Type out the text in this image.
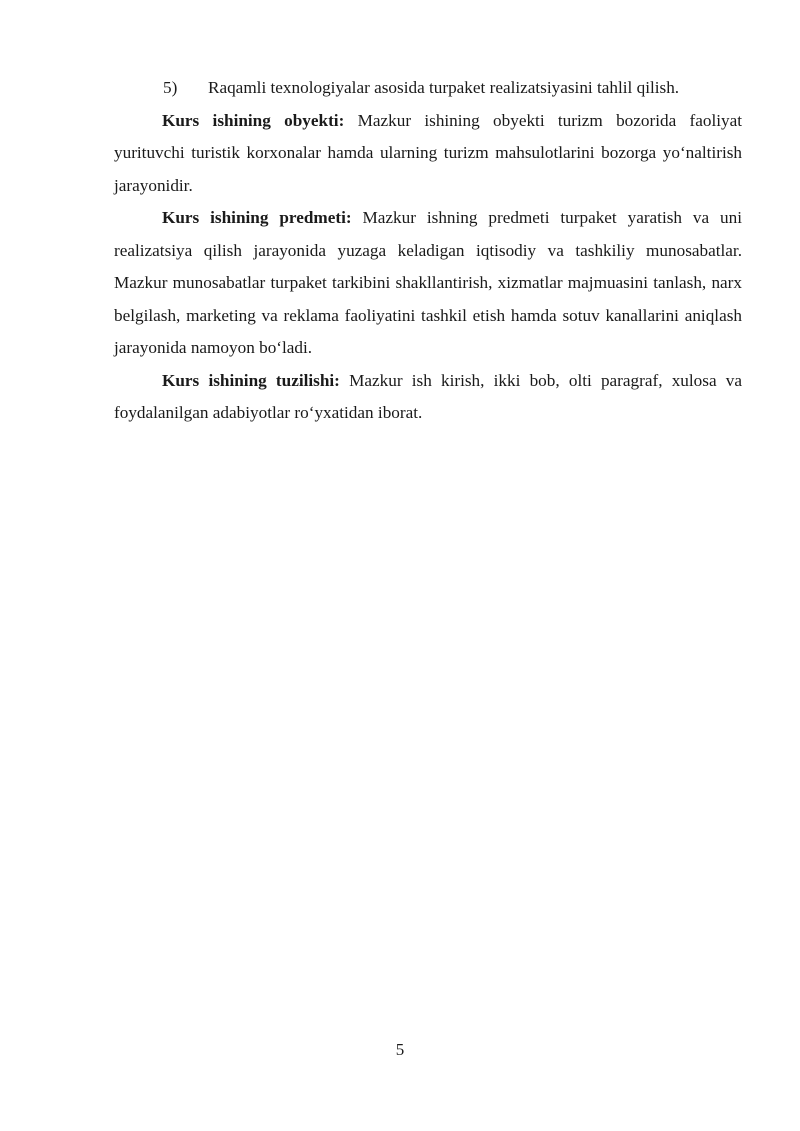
5) Raqamli texnologiyalar asosida turpaket realizatsiyasini tahlil qilish.

Kurs ishining obyekti: Mazkur ishining obyekti turizm bozorida faoliyat yurituvchi turistik korxonalar hamda ularning turizm mahsulotlarini bozorga yo‘naltirish jarayonidir.

Kurs ishining predmeti: Mazkur ishning predmeti turpaket yaratish va uni realizatsiya qilish jarayonida yuzaga keladigan iqtisodiy va tashkiliy munosabatlar. Mazkur munosabatlar turpaket tarkibini shakllantirish, xizmatlar majmuasini tanlash, narx belgilash, marketing va reklama faoliyatini tashkil etish hamda sotuv kanallarini aniqlash jarayonida namoyon bo‘ladi.

Kurs ishining tuzilishi: Mazkur ish kirish, ikki bob, olti paragraf, xulosa va foydalanilgan adabiyotlar ro‘yxatidan iborat.

5
